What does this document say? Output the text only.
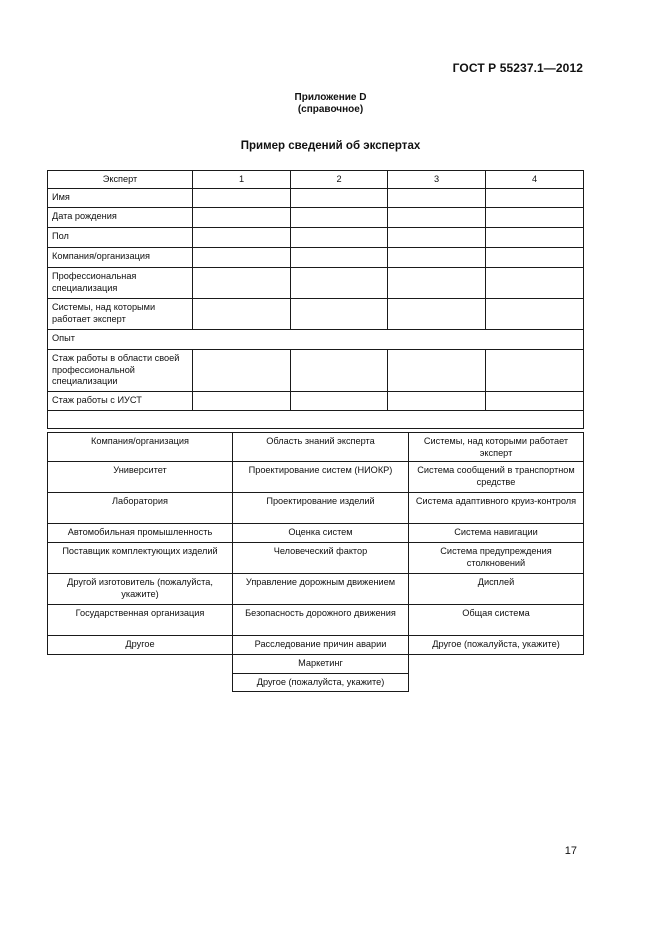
ГОСТ Р 55237.1—2012
Приложение D
(справочное)
Пример сведений об экспертах
Эксперт	1	2	3	4
Имя				
Дата рождения				
Пол				
Компания/организация				
Профессиональная специализация				
Системы, над которыми работает эксперт				
Опыт				
Стаж работы в области своей профессиональной специализации				
Стаж работы с ИУСТ				

Компания/организация	Область знаний эксперта	Системы, над которыми работает эксперт
Университет	Проектирование систем (НИОКР)	Система сообщений в транспортном средстве
Лаборатория	Проектирование изделий	Система адаптивного круиз-контроля
Автомобильная промышленность	Оценка систем	Система навигации
Поставщик комплектующих изделий	Человеческий фактор	Система предупреждения столкновений
Другой изготовитель (пожалуйста, укажите)	Управление дорожным движением	Дисплей
Государственная организация	Безопасность дорожного движения	Общая система
Другое	Расследование причин аварии	Другое (пожалуйста, укажите)
	Маркетинг	
	Другое (пожалуйста, укажите)	
17
